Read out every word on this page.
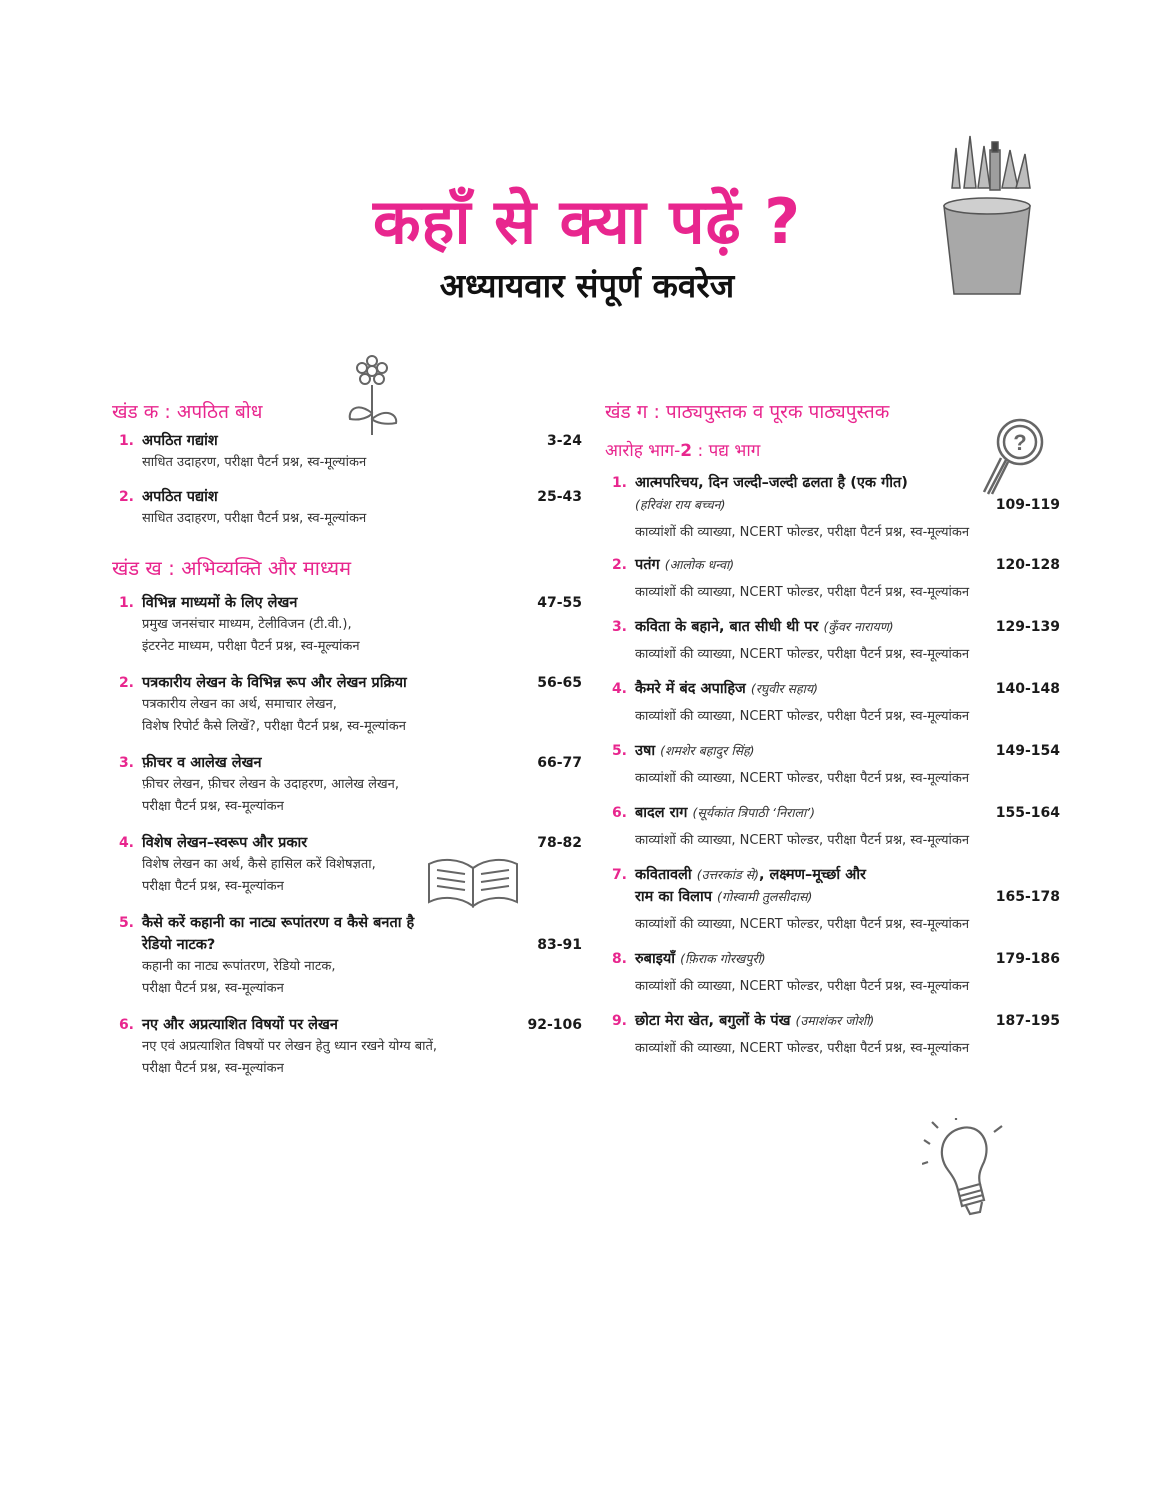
कहाँ से क्या पढ़ें ?
अध्यायवार संपूर्ण कवरेज
?
खंड क : अपठित बोध
1. अपठित गद्यांश	3-24
साधित उदाहरण, परीक्षा पैटर्न प्रश्न, स्व-मूल्यांकन
2. अपठित पद्यांश	25-43
साधित उदाहरण, परीक्षा पैटर्न प्रश्न, स्व-मूल्यांकन
खंड ख : अभिव्यक्ति और माध्यम
1. विभिन्न माध्यमों के लिए लेखन	47-55
प्रमुख जनसंचार माध्यम, टेलीविजन (टी.वी.),
इंटरनेट माध्यम, परीक्षा पैटर्न प्रश्न, स्व-मूल्यांकन
2. पत्रकारीय लेखन के विभिन्न रूप और लेखन प्रक्रिया	56-65
पत्रकारीय लेखन का अर्थ, समाचार लेखन,
विशेष रिपोर्ट कैसे लिखें?, परीक्षा पैटर्न प्रश्न, स्व-मूल्यांकन
3. फ़ीचर व आलेख लेखन	66-77
फ़ीचर लेखन, फ़ीचर लेखन के उदाहरण, आलेख लेखन,
परीक्षा पैटर्न प्रश्न, स्व-मूल्यांकन
4. विशेष लेखन–स्वरूप और प्रकार	78-82
विशेष लेखन का अर्थ, कैसे हासिल करें विशेषज्ञता,
परीक्षा पैटर्न प्रश्न, स्व-मूल्यांकन
5. कैसे करें कहानी का नाट्य रूपांतरण व कैसे बनता है
रेडियो नाटक?	83-91
कहानी का नाट्य रूपांतरण, रेडियो नाटक,
परीक्षा पैटर्न प्रश्न, स्व-मूल्यांकन
6. नए और अप्रत्याशित विषयों पर लेखन	92-106
नए एवं अप्रत्याशित विषयों पर लेखन हेतु ध्यान रखने योग्य बातें,
परीक्षा पैटर्न प्रश्न, स्व-मूल्यांकन
खंड ग : पाठ्यपुस्तक व पूरक पाठ्यपुस्तक
आरोह भाग-2 : पद्य भाग
1. आत्मपरिचय, दिन जल्दी–जल्दी ढलता है (एक गीत)
(हरिवंश राय बच्चन)	109-119
काव्यांशों की व्याख्या, NCERT फोल्डर, परीक्षा पैटर्न प्रश्न, स्व-मूल्यांकन
2. पतंग (आलोक धन्वा)	120-128
काव्यांशों की व्याख्या, NCERT फोल्डर, परीक्षा पैटर्न प्रश्न, स्व-मूल्यांकन
3. कविता के बहाने, बात सीधी थी पर (कुँवर नारायण)	129-139
काव्यांशों की व्याख्या, NCERT फोल्डर, परीक्षा पैटर्न प्रश्न, स्व-मूल्यांकन
4. कैमरे में बंद अपाहिज (रघुवीर सहाय)	140-148
काव्यांशों की व्याख्या, NCERT फोल्डर, परीक्षा पैटर्न प्रश्न, स्व-मूल्यांकन
5. उषा (शमशेर बहादुर सिंह)	149-154
काव्यांशों की व्याख्या, NCERT फोल्डर, परीक्षा पैटर्न प्रश्न, स्व-मूल्यांकन
6. बादल राग (सूर्यकांत त्रिपाठी ‘निराला’)	155-164
काव्यांशों की व्याख्या, NCERT फोल्डर, परीक्षा पैटर्न प्रश्न, स्व-मूल्यांकन
7. कवितावली (उत्तरकांड से), लक्ष्मण–मूर्च्छा और
राम का विलाप (गोस्वामी तुलसीदास)	165-178
काव्यांशों की व्याख्या, NCERT फोल्डर, परीक्षा पैटर्न प्रश्न, स्व-मूल्यांकन
8. रुबाइयाँ (फ़िराक गोरखपुरी)	179-186
काव्यांशों की व्याख्या, NCERT फोल्डर, परीक्षा पैटर्न प्रश्न, स्व-मूल्यांकन
9. छोटा मेरा खेत, बगुलों के पंख (उमाशंकर जोशी)	187-195
काव्यांशों की व्याख्या, NCERT फोल्डर, परीक्षा पैटर्न प्रश्न, स्व-मूल्यांकन
